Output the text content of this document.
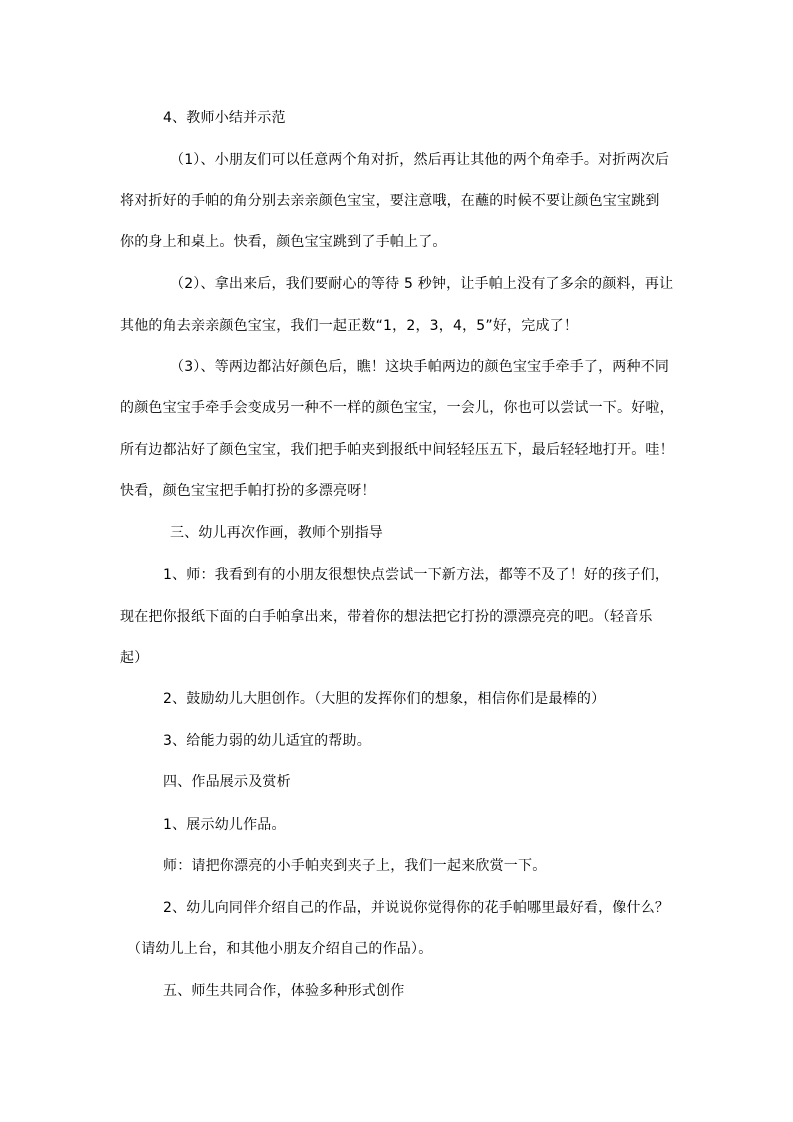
4、教师小结并示范
（1）、小朋友们可以任意两个角对折，然后再让其他的两个角牵手。对折两次后
将对折好的手帕的角分别去亲亲颜色宝宝，要注意哦，在蘸的时候不要让颜色宝宝跳到
你的身上和桌上。快看，颜色宝宝跳到了手帕上了。
（2）、拿出来后，我们要耐心的等待 5 秒钟，让手帕上没有了多余的颜料，再让
其他的角去亲亲颜色宝宝，我们一起正数“1，2，3，4，5”好，完成了！
（3）、等两边都沾好颜色后，瞧！这块手帕两边的颜色宝宝手牵手了，两种不同
的颜色宝宝手牵手会变成另一种不一样的颜色宝宝，一会儿，你也可以尝试一下。好啦，
所有边都沾好了颜色宝宝，我们把手帕夹到报纸中间轻轻压五下，最后轻轻地打开。哇！
快看，颜色宝宝把手帕打扮的多漂亮呀！
三、幼儿再次作画，教师个别指导
1、师：我看到有的小朋友很想快点尝试一下新方法，都等不及了！好的孩子们，
现在把你报纸下面的白手帕拿出来，带着你的想法把它打扮的漂漂亮亮的吧。（轻音乐
起）
2、鼓励幼儿大胆创作。（大胆的发挥你们的想象，相信你们是最棒的）
3、给能力弱的幼儿适宜的帮助。
四、作品展示及赏析
1、展示幼儿作品。
师：请把你漂亮的小手帕夹到夹子上，我们一起来欣赏一下。
2、幼儿向同伴介绍自己的作品，并说说你觉得你的花手帕哪里最好看，像什么？
（请幼儿上台，和其他小朋友介绍自己的作品）。
五、师生共同合作，体验多种形式创作
